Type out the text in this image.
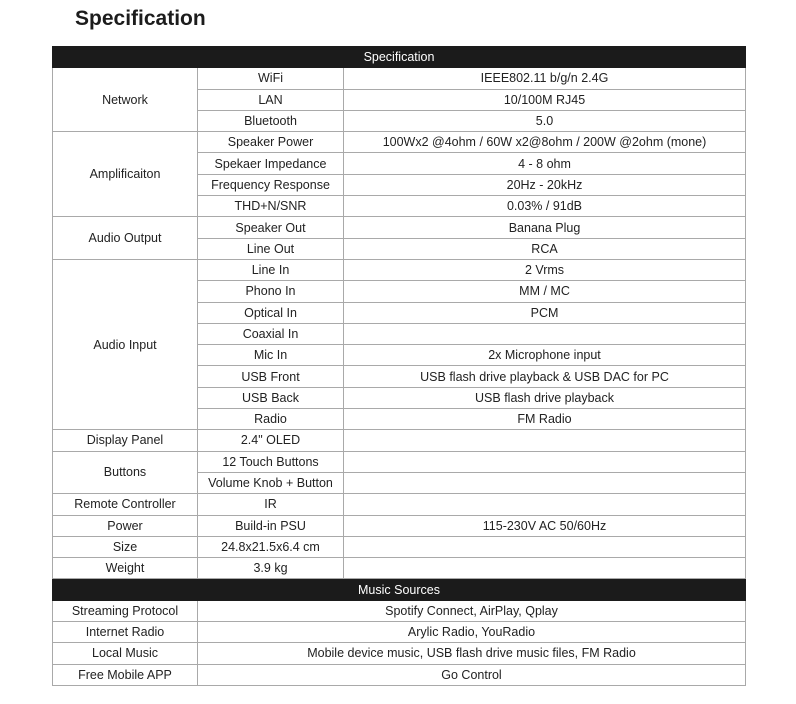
Specification
Specification		
Network	WiFi	IEEE802.11 b/g/n 2.4G
	LAN	10/100M RJ45
	Bluetooth	5.0
Amplificaiton	Speaker Power	100Wx2 @4ohm / 60W x2@8ohm / 200W @2ohm (mone)
	Spekaer Impedance	4 - 8 ohm
	Frequency Response	20Hz - 20kHz
	THD+N/SNR	0.03% / 91dB
Audio Output	Speaker Out	Banana Plug
	Line Out	RCA
Audio Input	Line In	2 Vrms
	Phono In	MM / MC
	Optical In	PCM
	Coaxial In	
	Mic In	2x Microphone input
	USB Front	USB flash drive playback & USB DAC for PC
	USB Back	USB flash drive playback
	Radio	FM Radio
Display Panel	2.4" OLED	
Buttons	12 Touch Buttons	
	Volume Knob + Button	
Remote Controller	IR	
Power	Build-in PSU	115-230V AC 50/60Hz
Size	24.8x21.5x6.4 cm	
Weight	3.9 kg	
Music Sources		
Streaming Protocol	Spotify Connect, AirPlay, Qplay	
Internet Radio	Arylic Radio, YouRadio	
Local Music	Mobile device music, USB flash drive music files, FM Radio	
Free Mobile APP	Go Control	
